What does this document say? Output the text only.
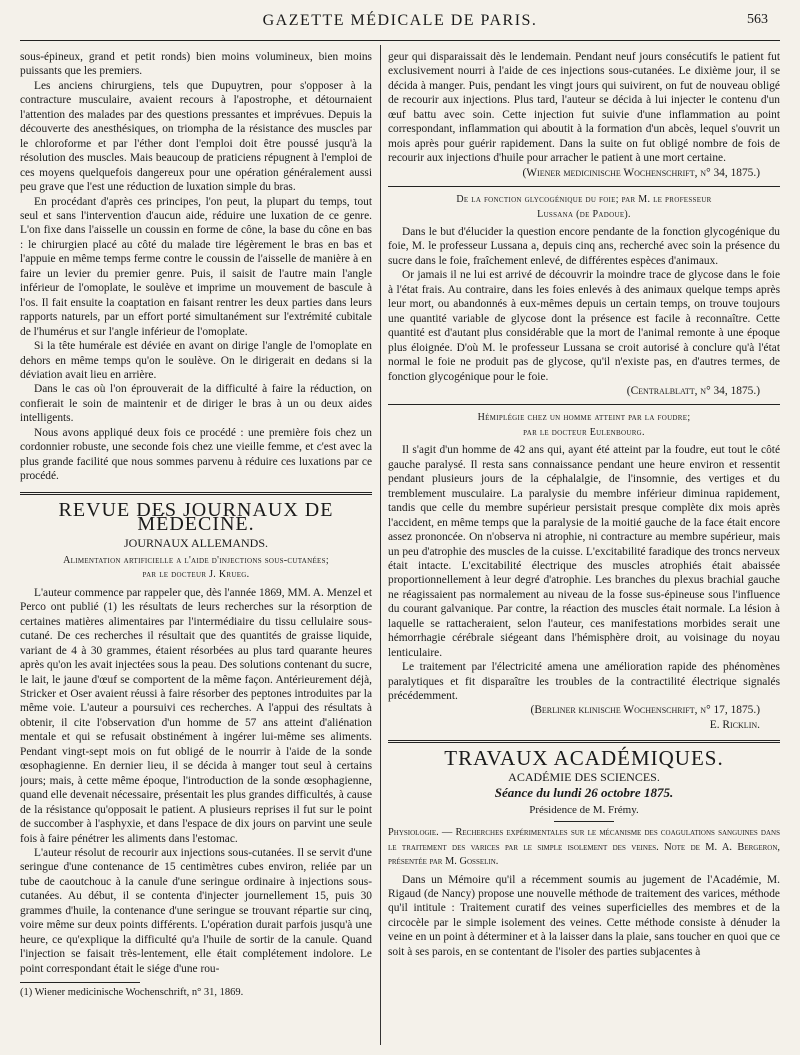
GAZETTE MÉDICALE DE PARIS.	563

sous-épineux, grand et petit ronds) bien moins volumineux, bien moins puissants que les premiers.

Les anciens chirurgiens, tels que Dupuytren, pour s'opposer à la contracture musculaire, avaient recours à l'apostrophe, et détournaient l'attention des malades par des questions pressantes et imprévues. Depuis la découverte des anesthésiques, on triompha de la résistance des muscles par le chloroforme et par l'éther dont l'emploi doit être poussé jusqu'à la résolution des muscles. Mais beaucoup de praticiens répugnent à l'emploi de ces moyens quelquefois dangereux pour une opération généralement aussi peu grave que l'est une réduction de luxation simple du bras.

En procédant d'après ces principes, l'on peut, la plupart du temps, tout seul et sans l'intervention d'aucun aide, réduire une luxation de ce genre. L'on fixe dans l'aisselle un coussin en forme de cône, la base du cône en bas : le chirurgien placé au côté du malade tire légèrement le bras en bas et l'appuie en même temps ferme contre le coussin de l'aisselle de manière à en faire un levier du premier genre. Puis, il saisit de l'autre main l'angle inférieur de l'omoplate, le soulève et imprime un mouvement de bascule à l'os. Il fait ensuite la coaptation en faisant rentrer les deux parties dans leurs rapports naturels, par un effort porté simultanément sur l'extrémité cubitale de l'humérus et sur l'angle inférieur de l'omoplate.

Si la tête humérale est déviée en avant on dirige l'angle de l'omoplate en dehors en même temps qu'on le soulève. On le dirigerait en dedans si la déviation avait lieu en arrière.

Dans le cas où l'on éprouverait de la difficulté à faire la réduction, on confierait le soin de maintenir et de diriger le bras à un ou deux aides intelligents.

Nous avons appliqué deux fois ce procédé : une première fois chez un cordonnier robuste, une seconde fois chez une vieille femme, et c'est avec la plus grande facilité que nous sommes parvenu à réduire ces luxations par ce procédé.

REVUE DES JOURNAUX DE MÉDECINE.
JOURNAUX ALLEMANDS.
Alimentation artificielle a l'aide d'injections sous-cutanées;
par le docteur J. Krueg.

L'auteur commence par rappeler que, dès l'année 1869, MM. A. Menzel et Perco ont publié (1) les résultats de leurs recherches sur la résorption de certaines matières alimentaires par l'intermédiaire du tissu cellulaire sous-cutané. De ces recherches il résultait que des quantités de graisse liquide, variant de 4 à 30 grammes, étaient résorbées au plus tard quarante heures après qu'on les avait injectées sous la peau. Des solutions contenant du sucre, le lait, le jaune d'œuf se comportent de la même façon. Antérieurement déjà, Stricker et Oser avaient réussi à faire résorber des peptones introduites par la même voie. L'auteur a poursuivi ces recherches. A l'appui des résultats à obtenir, il cite l'observation d'un homme de 57 ans atteint d'aliénation mentale et qui se refusait obstinément à ingérer lui-même ses aliments. Pendant vingt-sept mois on fut obligé de le nourrir à l'aide de la sonde œsophagienne. En dernier lieu, il se décida à manger tout seul à certains jours; mais, à cette même époque, l'introduction de la sonde œsophagienne, quand elle devenait nécessaire, présentait les plus grandes difficultés, à cause de la résistance qu'opposait le patient. A plusieurs reprises il fut sur le point de succomber à l'asphyxie, et dans l'espace de dix jours on parvint une seule fois à faire pénétrer les aliments dans l'estomac.

L'auteur résolut de recourir aux injections sous-cutanées. Il se servit d'une seringue d'une contenance de 15 centimètres cubes environ, reliée par un tube de caoutchouc à la canule d'une seringue ordinaire à injections sous-cutanées. Au début, il se contenta d'injecter journellement 15, puis 30 grammes d'huile, la contenance d'une seringue se trouvant répartie sur cinq, voire même sur deux points différents. L'opération durait parfois jusqu'à une heure, ce qu'explique la difficulté qu'a l'huile de sortir de la canule. Quand l'injection se faisait très-lentement, elle était complétement indolore. Le point correspondant était le siége d'une rou-

(1) Wiener medicinische Wochenschrift, n° 31, 1869.

geur qui disparaissait dès le lendemain. Pendant neuf jours consécutifs le patient fut exclusivement nourri à l'aide de ces injections sous-cutanées. Le dixième jour, il se décida à manger. Puis, pendant les vingt jours qui suivirent, on fut de nouveau obligé de recourir aux injections. Plus tard, l'auteur se décida à lui injecter le contenu d'un œuf battu avec soin. Cette injection fut suivie d'une inflammation au point correspondant, inflammation qui aboutit à la formation d'un abcès, lequel s'ouvrit un mois après pour guérir rapidement. Dans la suite on fut obligé nombre de fois de recourir aux injections d'huile pour arracher le patient à une mort certaine.

(Wiener medicinische Wochenschrift, n° 34, 1875.)

De la fonction glycogénique du foie; par M. le professeur
Lussana (de Padoue).

Dans le but d'élucider la question encore pendante de la fonction glycogénique du foie, M. le professeur Lussana a, depuis cinq ans, recherché avec soin la présence du sucre dans le foie, fraîchement enlevé, de différentes espèces d'animaux.

Or jamais il ne lui est arrivé de découvrir la moindre trace de glycose dans le foie à l'état frais. Au contraire, dans les foies enlevés à des animaux quelque temps après leur mort, ou abandonnés à eux-mêmes depuis un certain temps, on trouve toujours une quantité variable de glycose dont la présence est facile à reconnaître. Cette quantité est d'autant plus considérable que la mort de l'animal remonte à une époque plus éloignée. D'où M. le professeur Lussana se croit autorisé à conclure qu'à l'état normal le foie ne produit pas de glycose, qu'il n'existe pas, en d'autres termes, de fonction glycogénique pour le foie.

(Centralblatt, n° 34, 1875.)

Hémiplégie chez un homme atteint par la foudre;
par le docteur Eulenbourg.

Il s'agit d'un homme de 42 ans qui, ayant été atteint par la foudre, eut tout le côté gauche paralysé. Il resta sans connaissance pendant une heure environ et ressentit pendant plusieurs jours de la céphalalgie, de l'insomnie, des vertiges et du tremblement musculaire. La paralysie du membre inférieur diminua rapidement, tandis que celle du membre supérieur persistait presque complète dix mois après l'accident, en même temps que la paralysie de la moitié gauche de la face était encore assez prononcée. On n'observa ni atrophie, ni contracture au membre supérieur, mais un peu d'atrophie des muscles de la cuisse. L'excitabilité faradique des troncs nerveux était intacte. L'excitabilité électrique des muscles atrophiés était abaissée proportionnellement à leur degré d'atrophie. Les branches du plexus brachial gauche ne réagissaient pas normalement au niveau de la fosse sus-épineuse sous l'influence du courant galvanique. Par contre, la réaction des muscles était normale. La lésion à laquelle se rattacheraient, selon l'auteur, ces manifestations morbides serait une hémorrhagie cérébrale siégeant dans l'hémisphère droit, au voisinage du noyau lenticulaire.

Le traitement par l'électricité amena une amélioration rapide des phénomènes paralytiques et fit disparaître les troubles de la contractilité électrique signalés précédemment.

(Berliner klinische Wochenschrift, n° 17, 1875.)

E. Ricklin.

TRAVAUX ACADÉMIQUES.
ACADÉMIE DES SCIENCES.
Séance du lundi 26 octobre 1875.
Présidence de M. Frémy.

Physiologie. — Recherches expérimentales sur le mécanisme des coagulations sanguines dans le traitement des varices par le simple isolement des veines. Note de M. A. Bergeron, présentée par M. Gosselin.

Dans un Mémoire qu'il a récemment soumis au jugement de l'Académie, M. Rigaud (de Nancy) propose une nouvelle méthode de traitement des varices, méthode qu'il intitule : Traitement curatif des veines superficielles des membres et de la circocèle par le simple isolement des veines. Cette méthode consiste à dénuder la veine en un point à déterminer et à la laisser dans la plaie, sans toucher en quoi que ce soit à ses parois, en se contentant de l'isoler des parties subjacentes à
